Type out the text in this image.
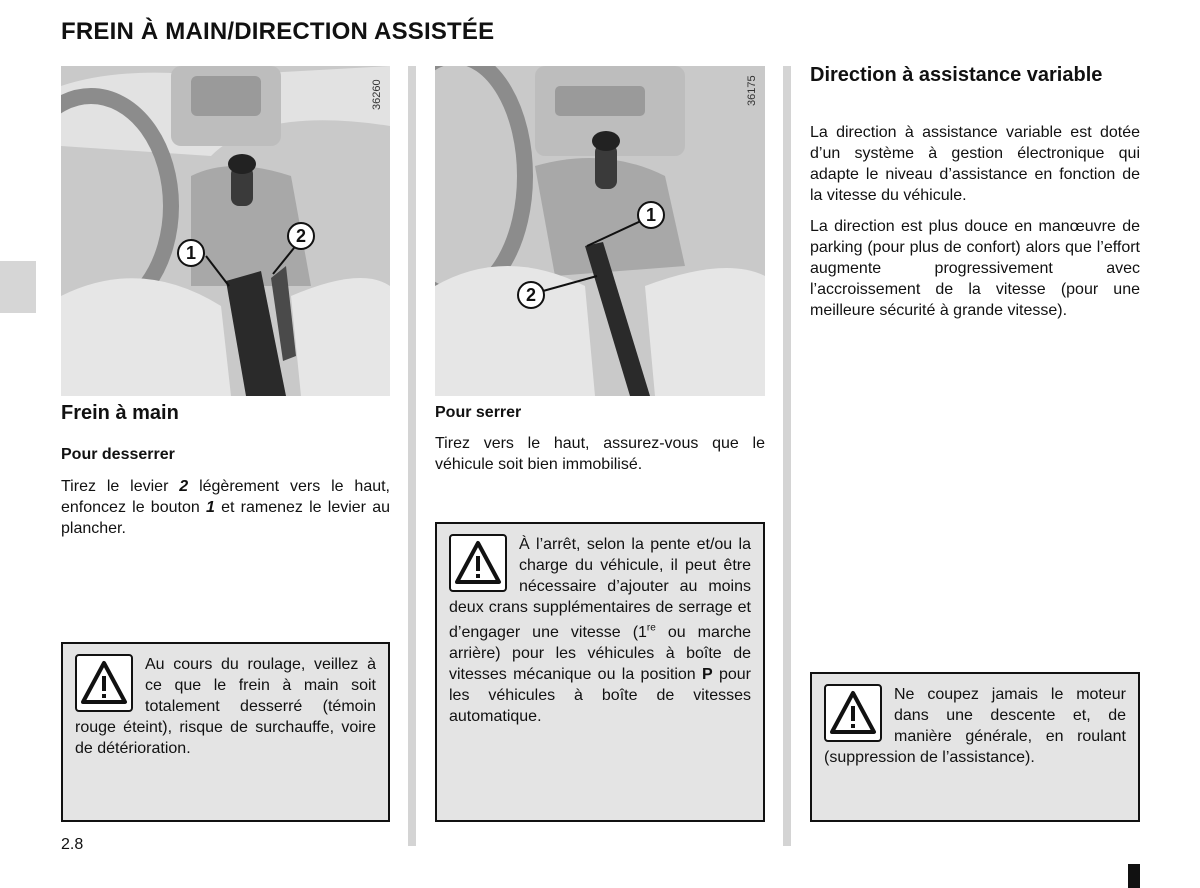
FREIN À MAIN/DIRECTION ASSISTÉE
1
2
36260
1
2
36175
Frein à main
Pour desserrer
Tirez le levier 2 légèrement vers le haut, enfoncez le bouton 1 et ramenez le levier au plancher.
Au cours du roulage, veillez à ce que le frein à main soit totalement desserré (témoin rouge éteint), risque de surchauffe, voire de détérioration.
Pour serrer
Tirez vers le haut, assurez-vous que le véhicule soit bien immobilisé.
À l’arrêt, selon la pente et/ou la charge du véhicule, il peut être nécessaire d’ajouter au moins deux crans supplémentaires de serrage et d’engager une vitesse (1re ou marche arrière) pour les véhicules à boîte de vitesses mécanique ou la position P pour les véhicules à boîte de vitesses automatique.
Direction à assistance variable
La direction à assistance variable est dotée d’un système à gestion électronique qui adapte le niveau d’assistance en fonction de la vitesse du véhicule.
La direction est plus douce en manœuvre de parking (pour plus de confort) alors que l’effort augmente progressivement avec l’accroissement de la vitesse (pour une meilleure sécurité à grande vitesse).
Ne coupez jamais le moteur dans une descente et, de manière générale, en roulant (suppression de l’assistance).
2.8
